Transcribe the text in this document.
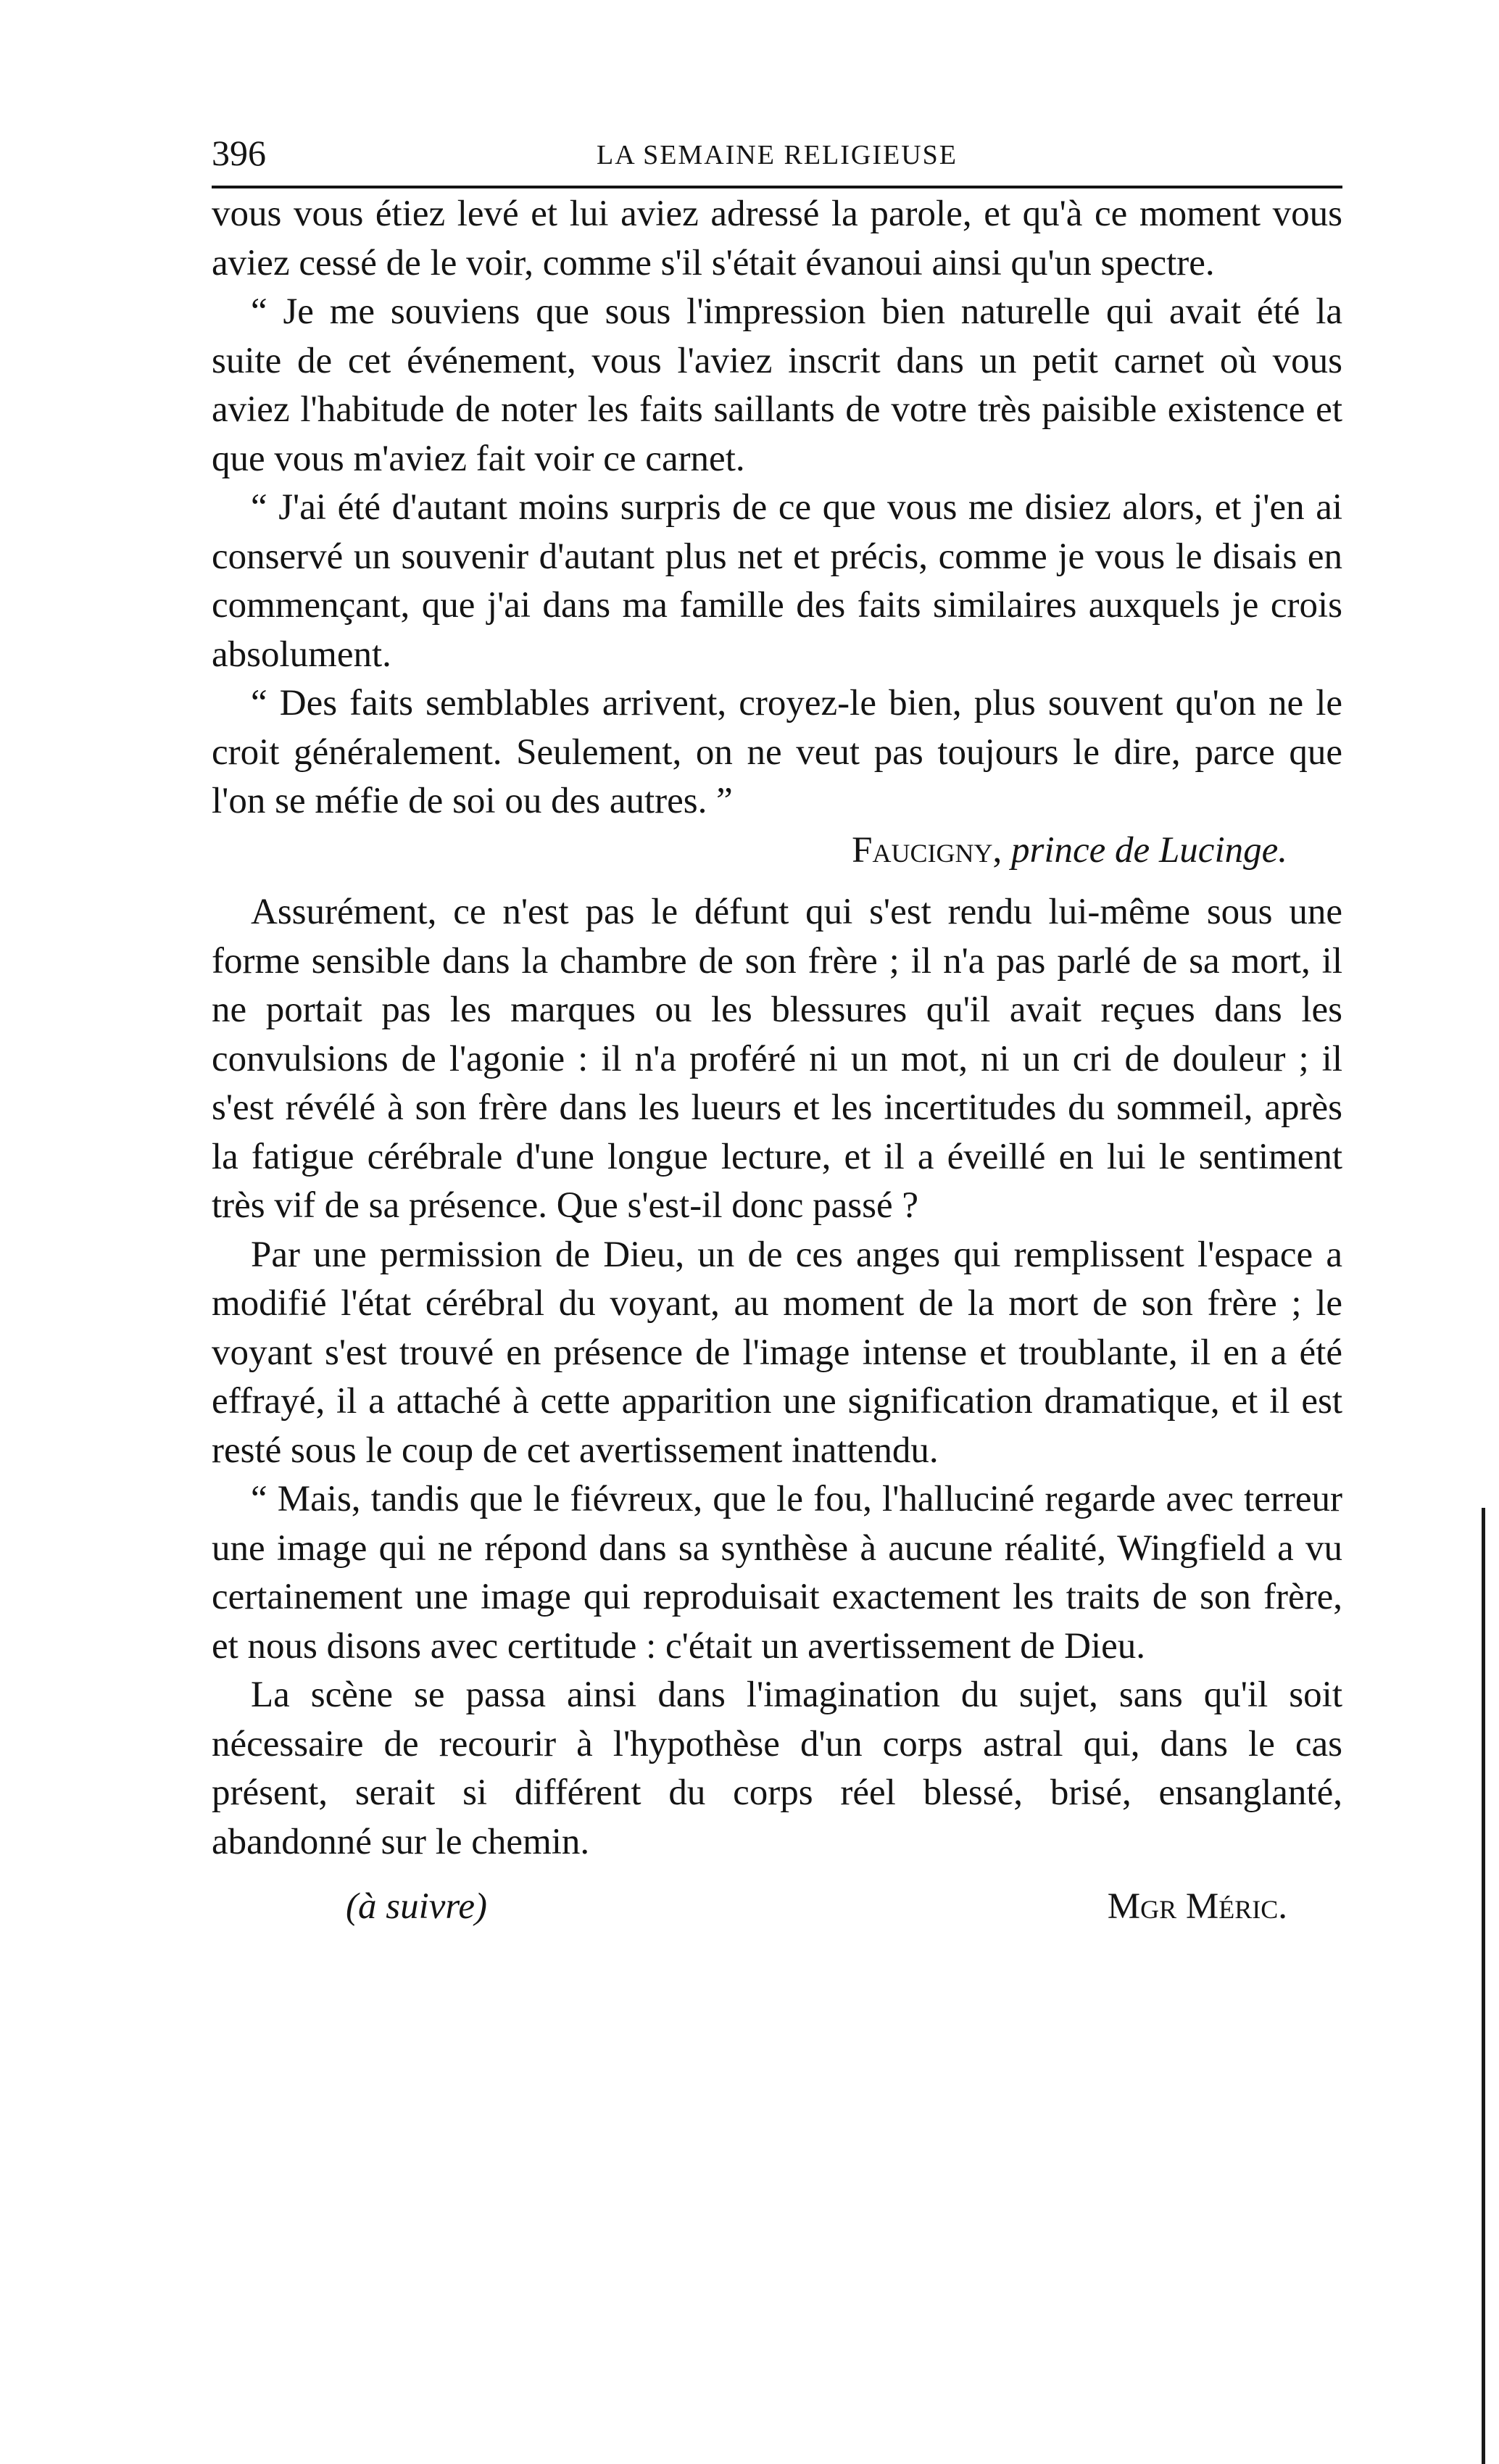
396	LA SEMAINE RELIGIEUSE

vous vous étiez levé et lui aviez adressé la parole, et qu'à ce moment vous aviez cessé de le voir, comme s'il s'était évanoui ainsi qu'un spectre.

“ Je me souviens que sous l'impression bien naturelle qui avait été la suite de cet événement, vous l'aviez inscrit dans un petit carnet où vous aviez l'habitude de noter les faits saillants de votre très paisible existence et que vous m'aviez fait voir ce carnet.

“ J'ai été d'autant moins surpris de ce que vous me disiez alors, et j'en ai conservé un souvenir d'autant plus net et précis, comme je vous le disais en commençant, que j'ai dans ma famille des faits similaires auxquels je crois absolument.

“ Des faits semblables arrivent, croyez-le bien, plus souvent qu'on ne le croit généralement. Seulement, on ne veut pas toujours le dire, parce que l'on se méfie de soi ou des autres. ”

Faucigny, prince de Lucinge.

Assurément, ce n'est pas le défunt qui s'est rendu lui-même sous une forme sensible dans la chambre de son frère ; il n'a pas parlé de sa mort, il ne portait pas les marques ou les blessures qu'il avait reçues dans les convulsions de l'agonie : il n'a proféré ni un mot, ni un cri de douleur ; il s'est révélé à son frère dans les lueurs et les incertitudes du sommeil, après la fatigue cérébrale d'une longue lecture, et il a éveillé en lui le sentiment très vif de sa présence. Que s'est-il donc passé ?

Par une permission de Dieu, un de ces anges qui remplissent l'espace a modifié l'état cérébral du voyant, au moment de la mort de son frère ; le voyant s'est trouvé en présence de l'image intense et troublante, il en a été effrayé, il a attaché à cette apparition une signification dramatique, et il est resté sous le coup de cet avertissement inattendu.

“ Mais, tandis que le fiévreux, que le fou, l'halluciné regarde avec terreur une image qui ne répond dans sa synthèse à aucune réalité, Wingfield a vu certainement une image qui reproduisait exactement les traits de son frère, et nous disons avec certitude : c'était un avertissement de Dieu.

La scène se passa ainsi dans l'imagination du sujet, sans qu'il soit nécessaire de recourir à l'hypothèse d'un corps astral qui, dans le cas présent, serait si différent du corps réel blessé, brisé, ensanglanté, abandonné sur le chemin.

(à suivre)	Mgr Méric.
